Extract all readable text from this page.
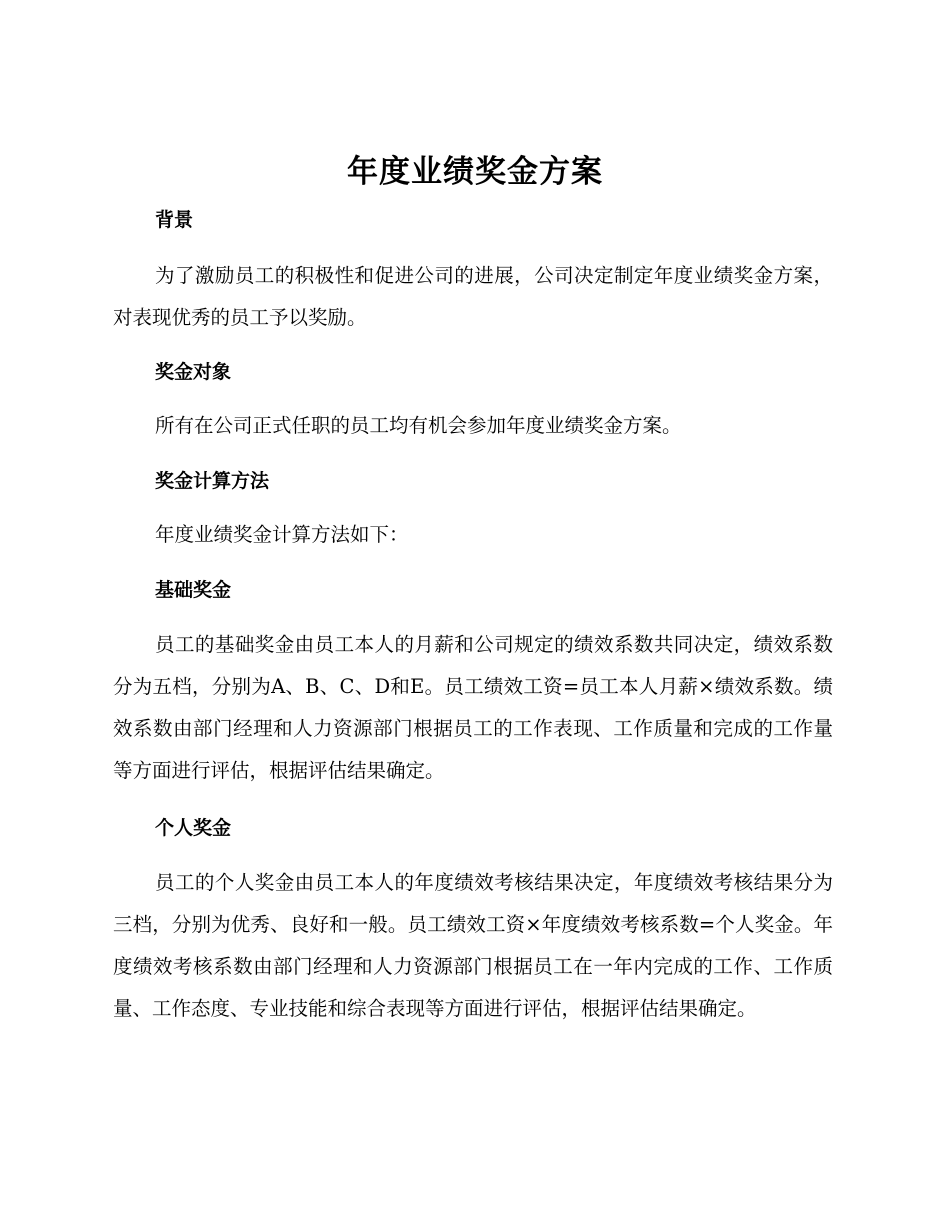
年度业绩奖金方案
背景
为了激励员工的积极性和促进公司的进展，公司决定制定年度业绩奖金方案，对表现优秀的员工予以奖励。
奖金对象
所有在公司正式任职的员工均有机会参加年度业绩奖金方案。
奖金计算方法
年度业绩奖金计算方法如下：
基础奖金
员工的基础奖金由员工本人的月薪和公司规定的绩效系数共同决定，绩效系数分为五档，分别为A、B、C、D和E。员工绩效工资=员工本人月薪×绩效系数。绩效系数由部门经理和人力资源部门根据员工的工作表现、工作质量和完成的工作量等方面进行评估，根据评估结果确定。
个人奖金
员工的个人奖金由员工本人的年度绩效考核结果决定，年度绩效考核结果分为三档，分别为优秀、良好和一般。员工绩效工资×年度绩效考核系数=个人奖金。年度绩效考核系数由部门经理和人力资源部门根据员工在一年内完成的工作、工作质量、工作态度、专业技能和综合表现等方面进行评估，根据评估结果确定。
